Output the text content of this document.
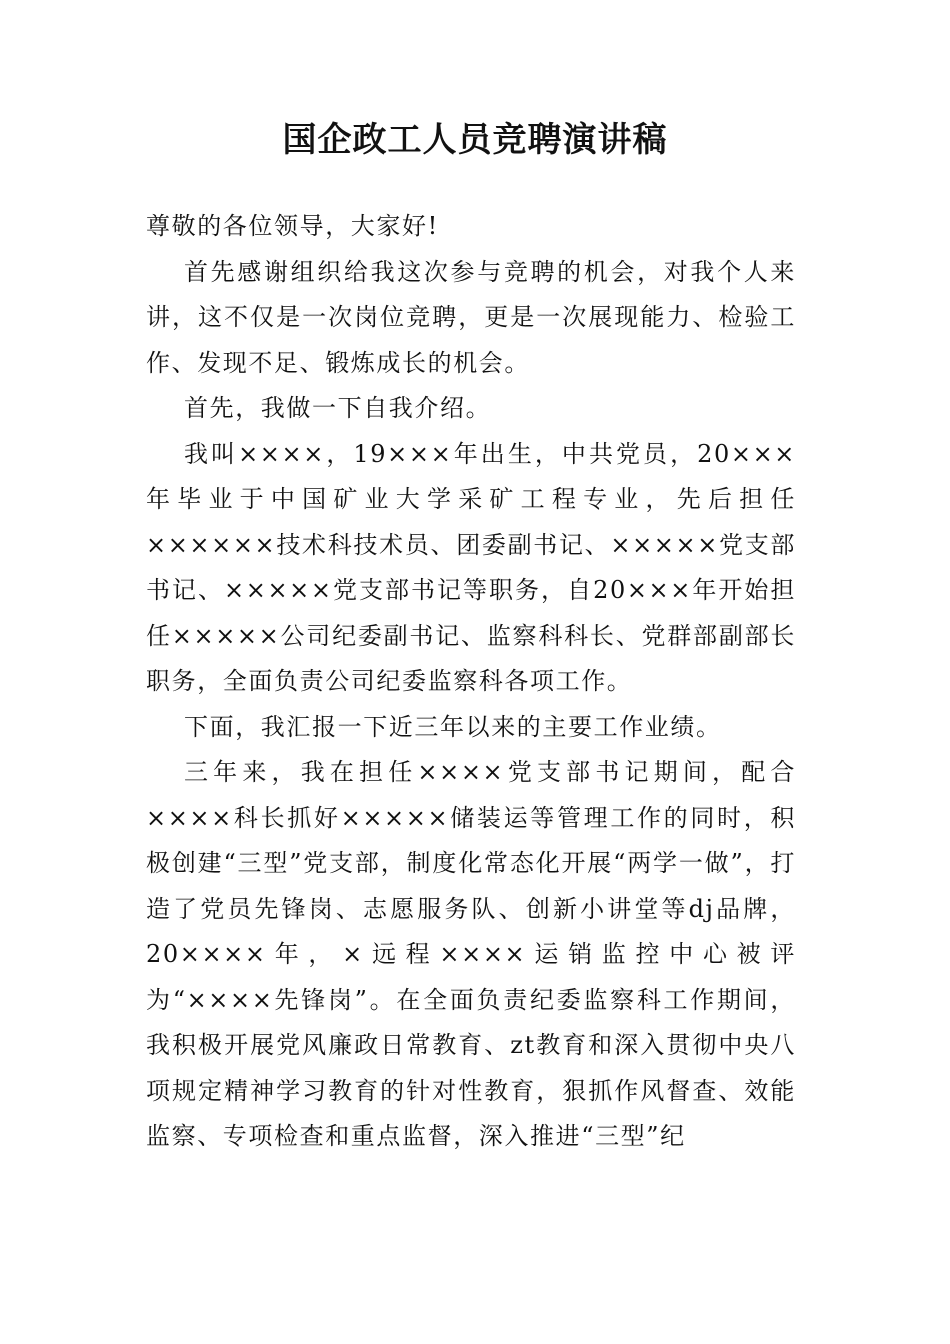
国企政工人员竞聘演讲稿

尊敬的各位领导，大家好!

首先感谢组织给我这次参与竞聘的机会，对我个人来讲，这不仅是一次岗位竞聘，更是一次展现能力、检验工作、发现不足、锻炼成长的机会。

首先，我做一下自我介绍。

我叫××××，19×××年出生，中共党员，20×××年毕业于中国矿业大学采矿工程专业，先后担任××××××技术科技术员、团委副书记、×××××党支部书记、×××××党支部书记等职务，自20×××年开始担任×××××公司纪委副书记、监察科科长、党群部副部长职务，全面负责公司纪委监察科各项工作。

下面，我汇报一下近三年以来的主要工作业绩。

三年来，我在担任××××党支部书记期间，配合××××科长抓好×××××储装运等管理工作的同时，积极创建“三型”党支部，制度化常态化开展“两学一做”，打造了党员先锋岗、志愿服务队、创新小讲堂等dj品牌，20××××年，×远程××××运销监控中心被评为“××××先锋岗”。在全面负责纪委监察科工作期间，我积极开展党风廉政日常教育、zt教育和深入贯彻中央八项规定精神学习教育的针对性教育，狠抓作风督查、效能监察、专项检查和重点监督，深入推进“三型”纪
